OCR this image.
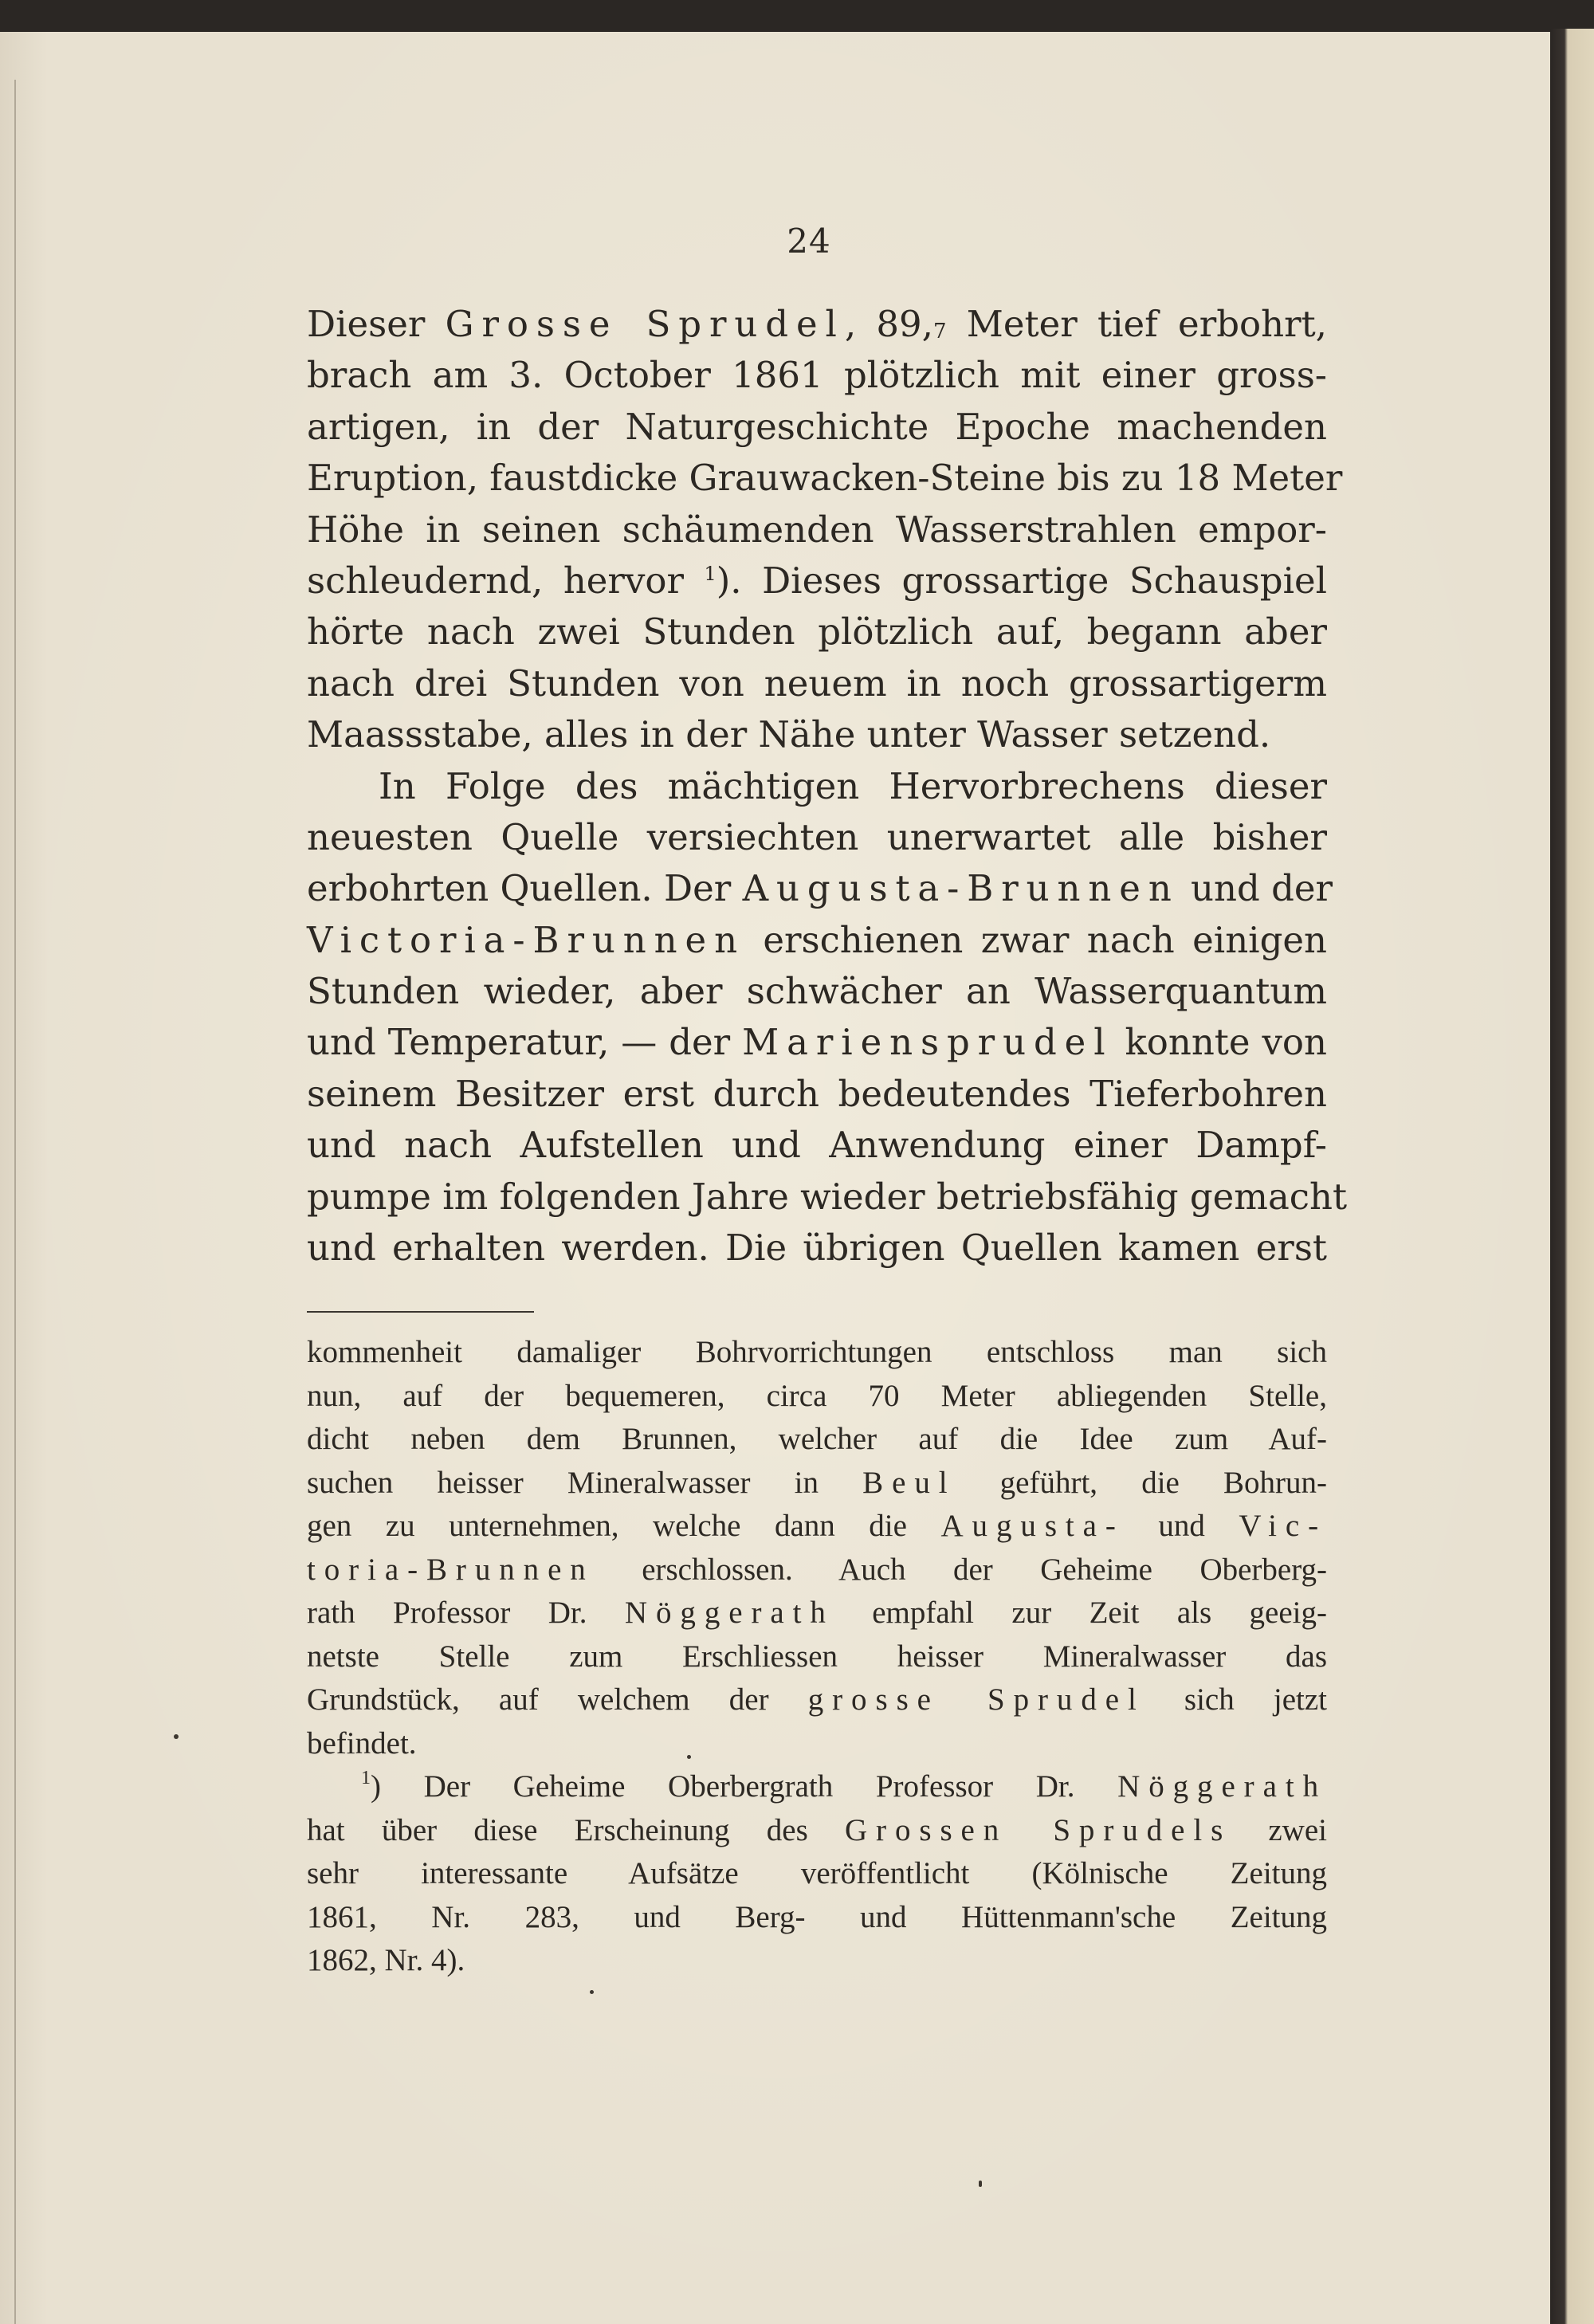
24
Dieser Grosse Sprudel, $89,_7$ Meter tief erbohrt,
brach am 3. October 1861 plötzlich mit einer gross-
artigen, in der Naturgeschichte Epoche machenden
Eruption, faustdicke Grauwacken-Steine bis zu 18 Meter
Höhe in seinen schäumenden Wasserstrahlen empor-
schleudernd, hervor $^1$). Dieses grossartige Schauspiel
hörte nach zwei Stunden plötzlich auf, begann aber
nach drei Stunden von neuem in noch grossartigerm
Maassstabe, alles in der Nähe unter Wasser setzend.
In Folge des mächtigen Hervorbrechens dieser
neuesten Quelle versiechten unerwartet alle bisher
erbohrten Quellen. Der Augusta-Brunnen und der
Victoria-Brunnen erschienen zwar nach einigen
Stunden wieder, aber schwächer an Wasserquantum
und Temperatur, — der Mariensprudel konnte von
seinem Besitzer erst durch bedeutendes Tieferbohren
und nach Aufstellen und Anwendung einer Dampf-
pumpe im folgenden Jahre wieder betriebsfähig gemacht
und erhalten werden. Die übrigen Quellen kamen erst
kommenheit damaliger Bohrvorrichtungen entschloss man sich
nun, auf der bequemeren, circa 70 Meter abliegenden Stelle,
dicht neben dem Brunnen, welcher auf die Idee zum Auf-
suchen heisser Mineralwasser in Beul geführt, die Bohrun-
gen zu unternehmen, welche dann die Augusta- und Vic-
toria-Brunnen erschlossen. Auch der Geheime Oberberg-
rath Professor Dr. Nöggerath empfahl zur Zeit als geeig-
netste Stelle zum Erschliessen heisser Mineralwasser das
Grundstück, auf welchem der grosse Sprudel sich jetzt
befindet.
$^1$) Der Geheime Oberbergrath Professor Dr. Nöggerath
hat über diese Erscheinung des Grossen Sprudels zwei
sehr interessante Aufsätze veröffentlicht (Kölnische Zeitung
1861, Nr. 283, und Berg- und Hüttenmann'sche Zeitung
1862, Nr. 4).
